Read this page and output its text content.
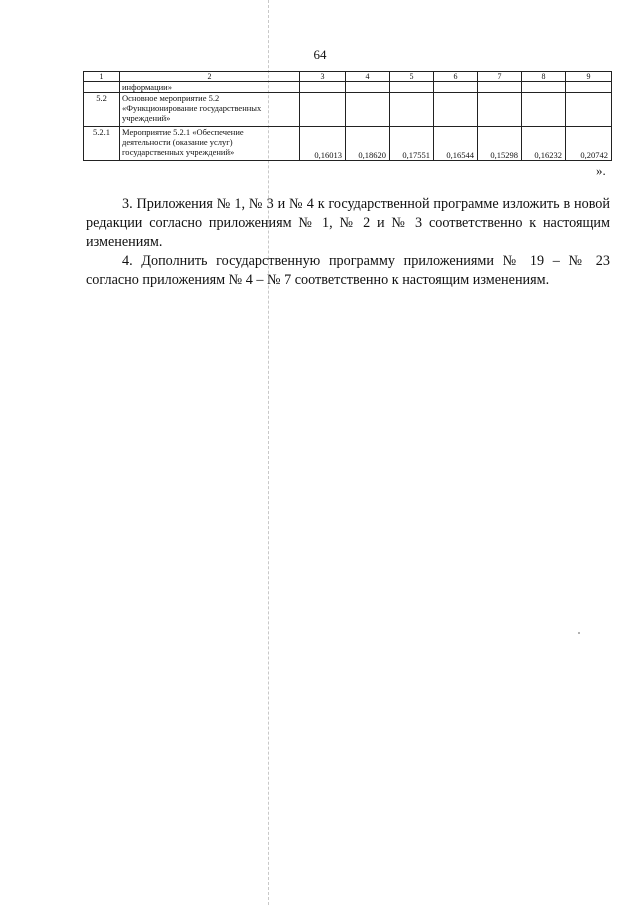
64
1	2	3	4	5	6	7	8	9

	информации»							

5.2	Основное мероприятие 5.2
«Функционирование государственных
учреждений»							

5.2.1	Мероприятие 5.2.1 «Обеспечение
деятельности (оказание услуг)
государственных учреждений»	0,16013	0,18620	0,17551	0,16544	0,15298	0,16232	0,20742
».

3. Приложения № 1, № 3 и № 4 к государственной программе изложить в новой редакции согласно приложениям № 1, № 2 и № 3 соответственно к настоящим изменениям.

4. Дополнить государственную программу приложениями № 19 – № 23 согласно приложениям № 4 – № 7 соответственно к настоящим изменениям.
